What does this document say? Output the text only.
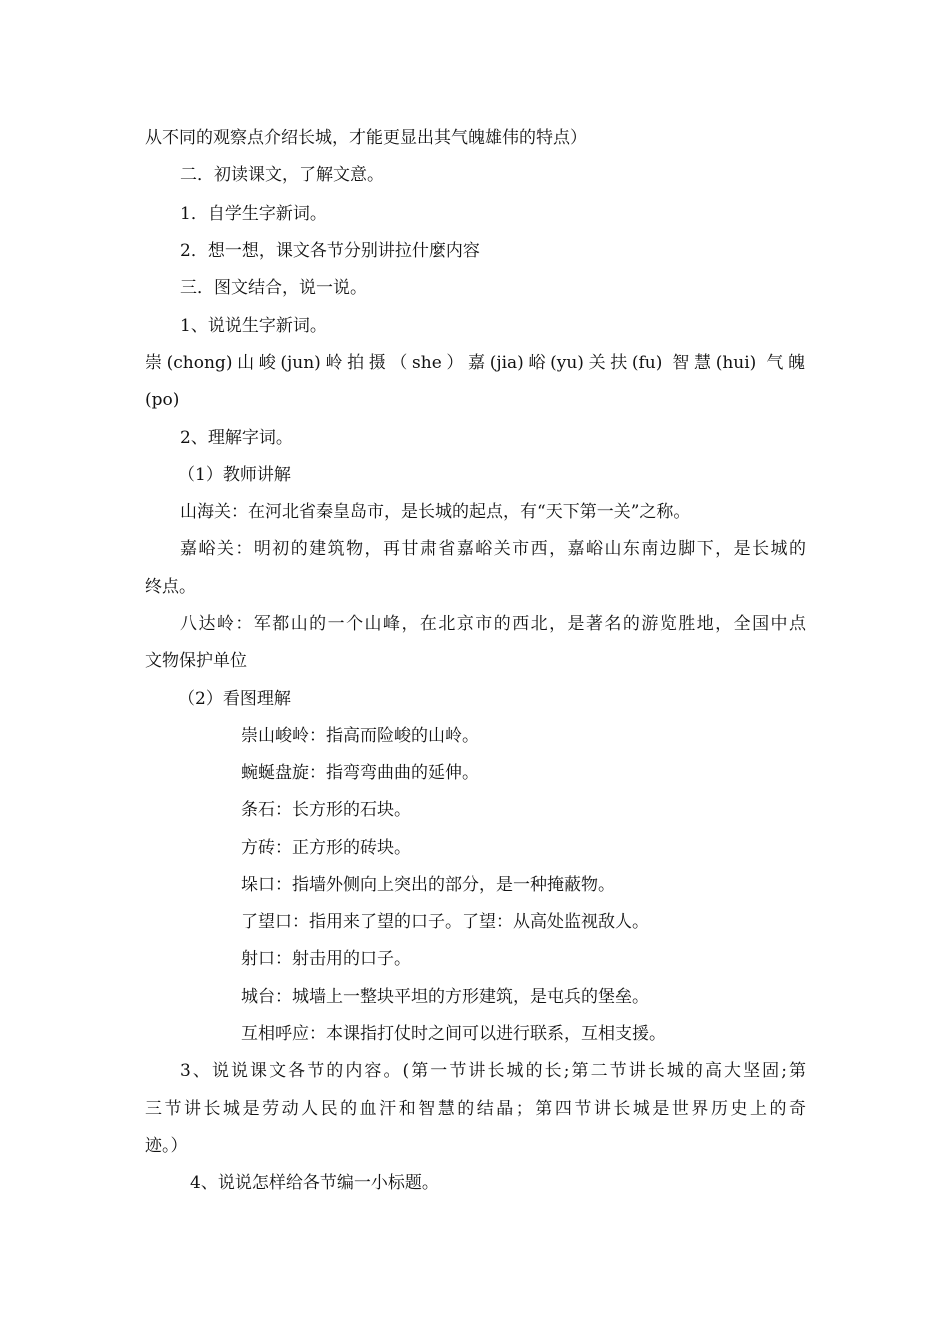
从不同的观察点介绍长城，才能更显出其气魄雄伟的特点）
二．初读课文，了解文意。
1．自学生字新词。
2．想一想，课文各节分别讲拉什麼内容
三．图文结合，说一说。
1、说说生字新词。
崇(chong)山峻(jun)岭拍摄（she）嘉(jia)峪(yu)关扶(fu) 智慧(hui) 气魄
(po)
2、理解字词。
（1）教师讲解
山海关：在河北省秦皇岛市，是长城的起点，有“天下第一关”之称。
嘉峪关：明初的建筑物，再甘肃省嘉峪关市西，嘉峪山东南边脚下，是长城的
终点。
八达岭：军都山的一个山峰，在北京市的西北，是著名的游览胜地，全国中点
文物保护单位
（2）看图理解
崇山峻岭：指高而险峻的山岭。
蜿蜒盘旋：指弯弯曲曲的延伸。
条石：长方形的石块。
方砖：正方形的砖块。
垛口：指墙外侧向上突出的部分，是一种掩蔽物。
了望口：指用来了望的口子。了望：从高处监视敌人。
射口：射击用的口子。
城台：城墙上一整块平坦的方形建筑，是屯兵的堡垒。
互相呼应：本课指打仗时之间可以进行联系，互相支援。
3、说说课文各节的内容。(第一节讲长城的长;第二节讲长城的高大坚固;第
三节讲长城是劳动人民的血汗和智慧的结晶；第四节讲长城是世界历史上的奇
迹。）
4、说说怎样给各节编一小标题。
